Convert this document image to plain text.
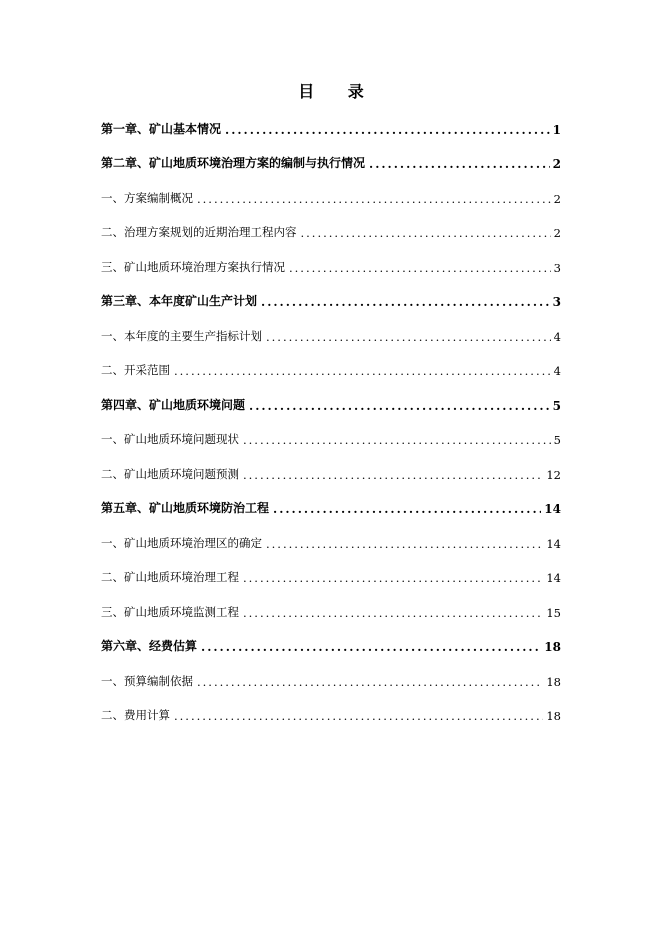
目 录
第一章、矿山基本情况 .....	1
第二章、矿山地质环境治理方案的编制与执行情况 .....	2
一、方案编制概况 .....	2
二、治理方案规划的近期治理工程内容 .....	2
三、矿山地质环境治理方案执行情况 .....	3
第三章、本年度矿山生产计划 .....	3
一、本年度的主要生产指标计划 .....	4
二、开采范围 .....	4
第四章、矿山地质环境问题 .....	5
一、矿山地质环境问题现状 .....	5
二、矿山地质环境问题预测 .....	12
第五章、矿山地质环境防治工程 .....	14
一、矿山地质环境治理区的确定 .....	14
二、矿山地质环境治理工程 .....	14
三、矿山地质环境监测工程 .....	15
第六章、经费估算 .....	18
一、预算编制依据 .....	18
二、费用计算 .....	18
